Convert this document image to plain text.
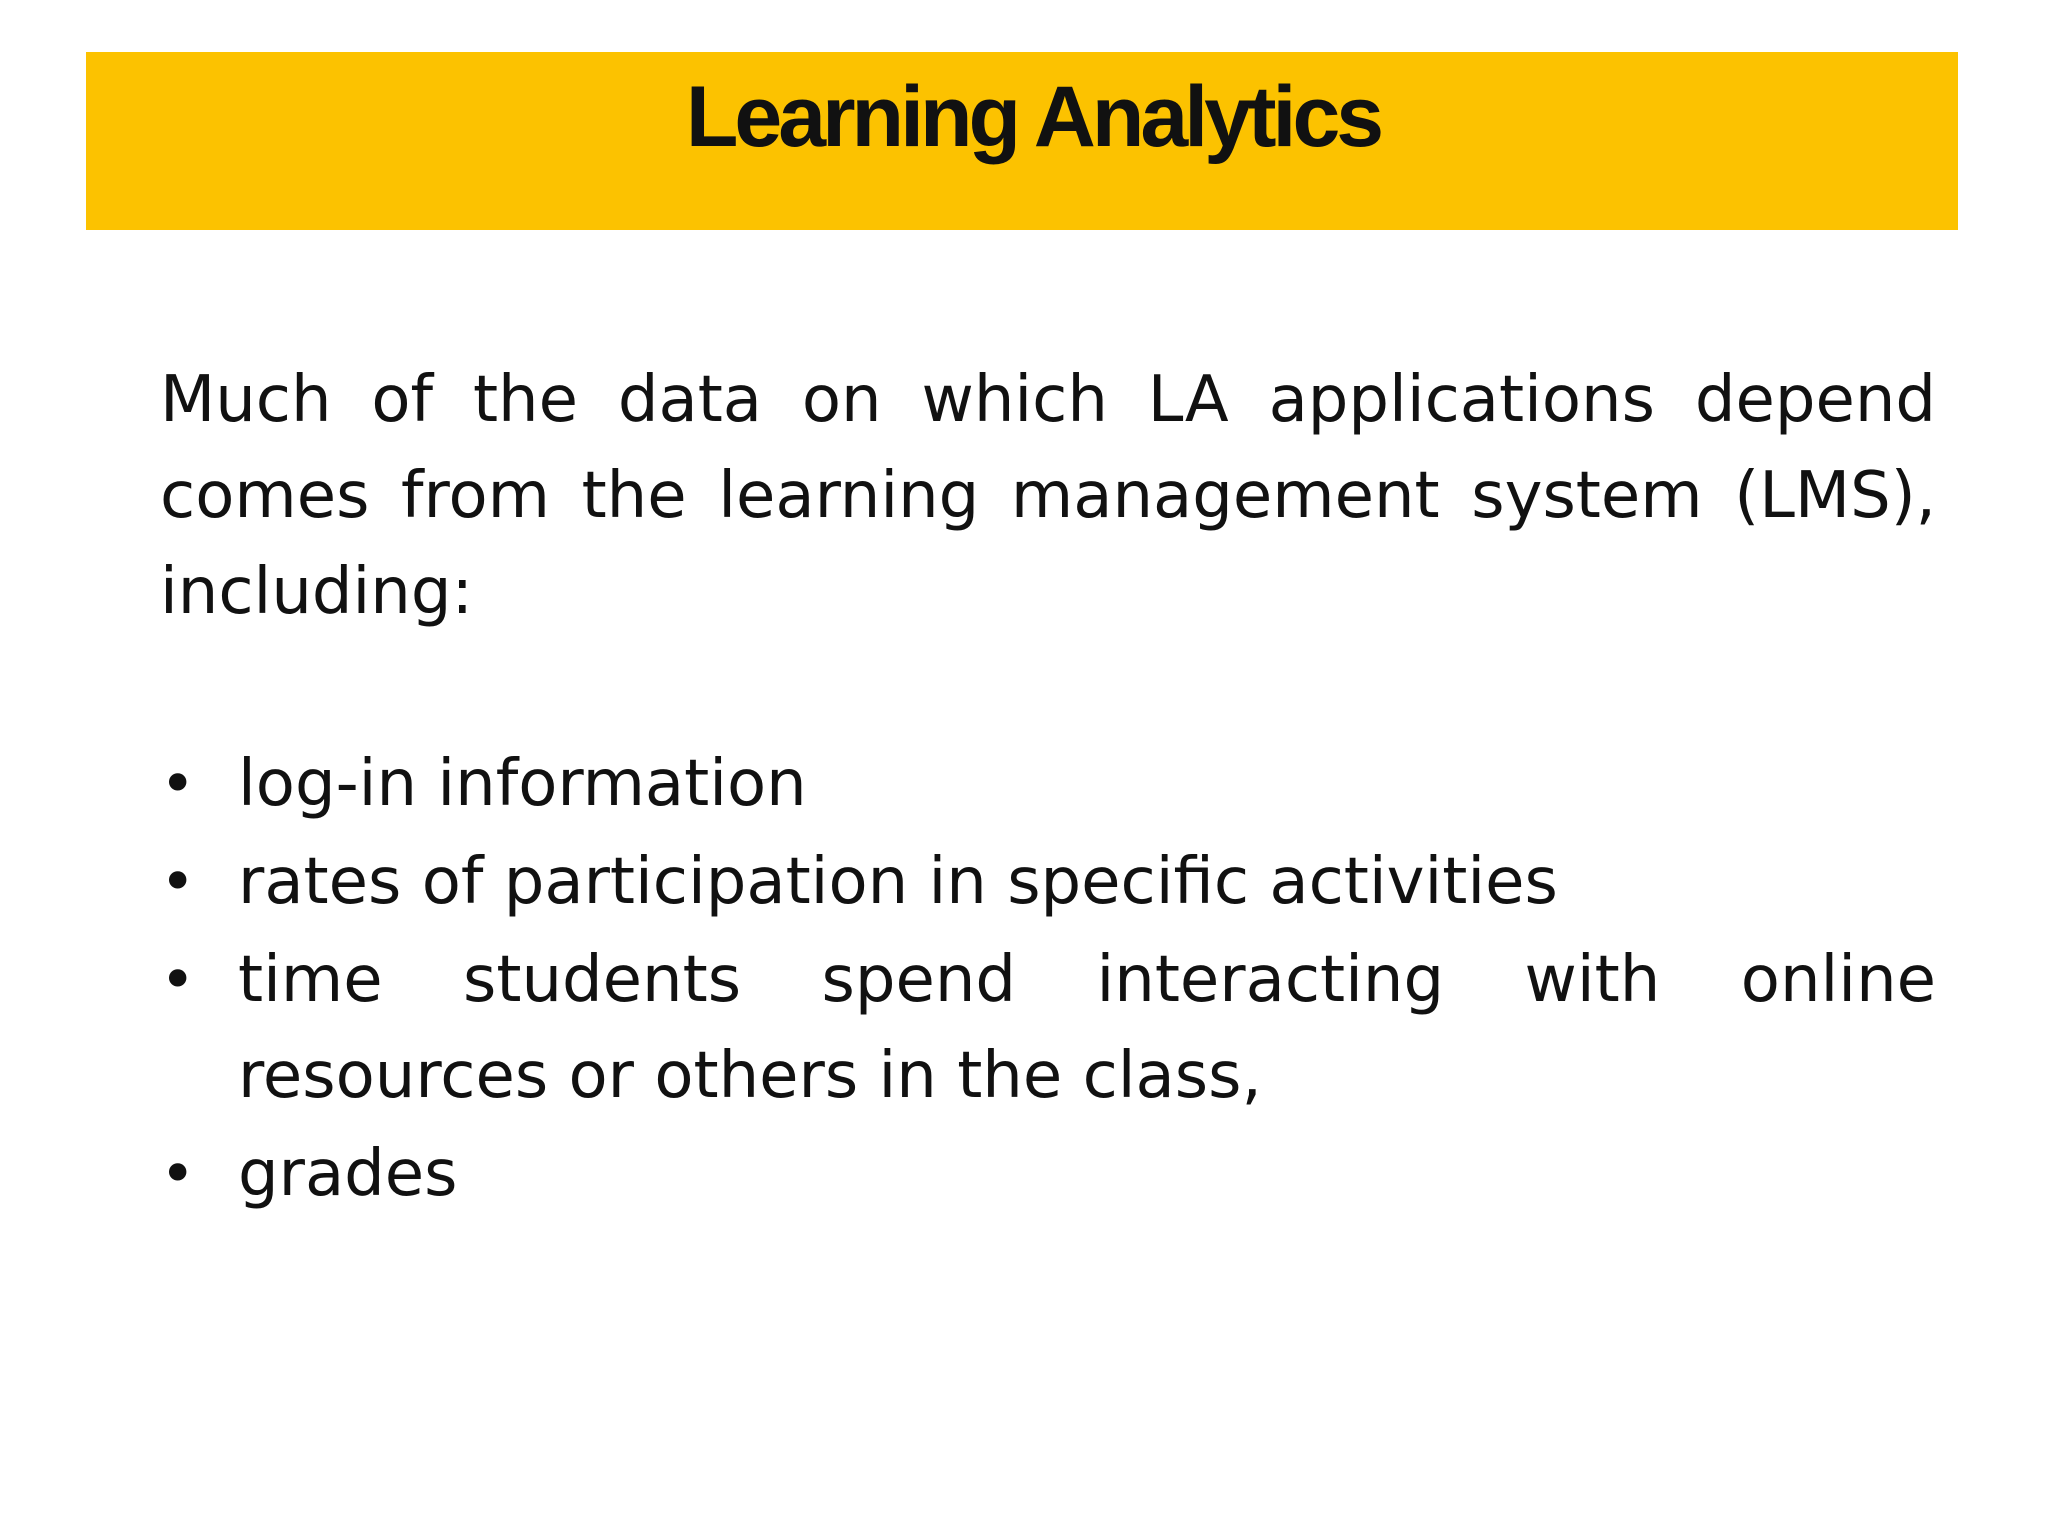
Learning Analytics

Much of the data on which LA applications depend comes from the learning management system (LMS), including:

• log-in information
• rates of participation in specific activities
• time students spend interacting with online
resources or others in the class,
• grades
